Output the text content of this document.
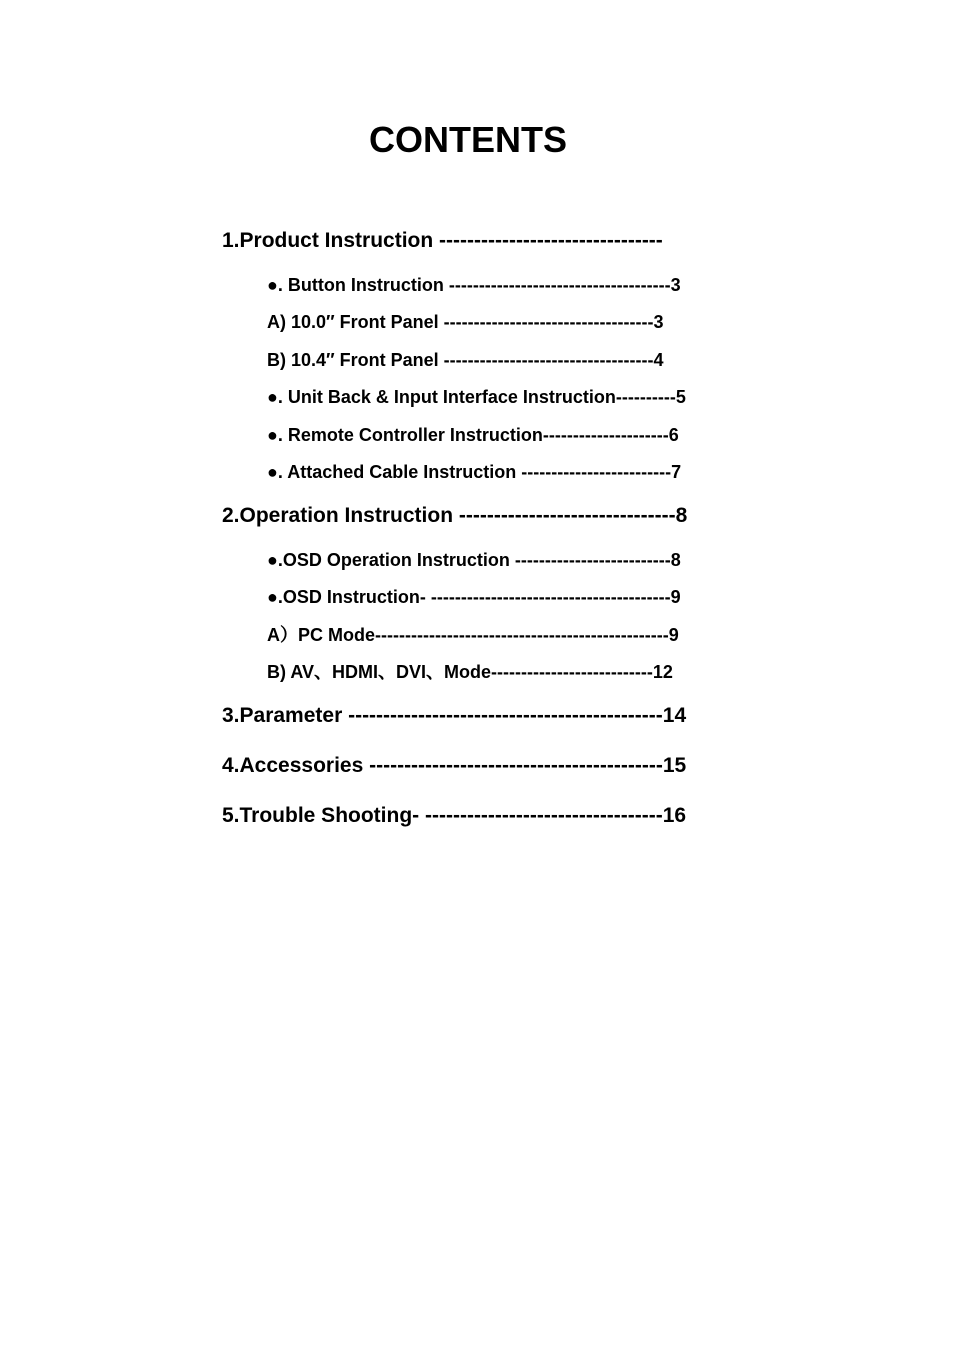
CONTENTS
1.Product Instruction --------------------------------
●. Button Instruction -------------------------------------3
A) 10.0″ Front Panel -----------------------------------3
B) 10.4″ Front Panel -----------------------------------4
●. Unit Back & Input Interface Instruction----------5
●. Remote Controller Instruction---------------------6
●. Attached Cable Instruction -------------------------7
2.Operation Instruction -------------------------------8
●.OSD Operation Instruction --------------------------8
●.OSD Instruction- ----------------------------------------9
A）PC Mode-------------------------------------------------9
B) AV、HDMI、DVI、Mode---------------------------12
3.Parameter ---------------------------------------------14
4.Accessories ------------------------------------------15
5.Trouble Shooting- ----------------------------------16
